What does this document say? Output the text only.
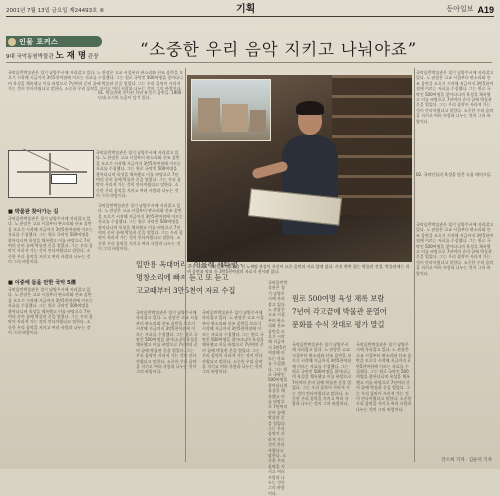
2001년 7월 13일 금요일 제24493호 ⑥	기획	동아일보 A19
인물 포커스
9대 국악동원박물관 노 재 명 관장	“소중한 우리 음악 지키고 나눠야죠”
국악음반박물관은 경기 남양주시에 자리잡고 있다. 노 관장은 고교 시절부터 판소리와 산조 음반을 모으기 시작해 지금까지 3만5천여점에 이르는 자료를 수집했다. 그는 원로 국악인 500여명을 찾아다니며 육성을 채록했고 이를 바탕으로 7년여의 준비 끝에 박물관 문을 열었다. 그는 우리 음악이 사라져 가는 것이 안타까웠다고 말한다. 소중한 우리 음악을 지키고 여러 사람과 나누는 것이 그의 바람이다.
국악음반박물관은 경기 남양주시에 자리잡고 있다. 노 관장은 고교 시절부터 판소리와 산조 음반을 모으기 시작해 지금까지 3만5천여점에 이르는 자료를 수집했다. 그는 원로 국악인 500여명을 찾아다니며 육성을 채록했고 이를 바탕으로 7년여의 준비 끝에 박물관 문을 열었다. 그는 우리 음악이 사라져 가는 것이 안타까웠다고 말한다. 소중한 우리 음악을 지키고 여러 사람과 나누는 것이 그의 바람이다.
■ 박물관 찾아가는 길
국악음반박물관은 경기 남양주시에 자리잡고 있다. 노 관장은 고교 시절부터 판소리와 산조 음반을 모으기 시작해 지금까지 3만5천여점에 이르는 자료를 수집했다. 그는 원로 국악인 500여명을 찾아다니며 육성을 채록했고 이를 바탕으로 7년여의 준비 끝에 박물관 문을 열었다. 그는 우리 음악이 사라져 가는 것이 안타까웠다고 말한다. 소중한 우리 음악을 지키고 여러 사람과 나누는 것이 그의 바람이다.
■ 이중에 들을 만한 국악 5選
국악음반박물관은 경기 남양주시에 자리잡고 있다. 노 관장은 고교 시절부터 판소리와 산조 음반을 모으기 시작해 지금까지 3만5천여점에 이르는 자료를 수집했다. 그는 원로 국악인 500여명을 찾아다니며 육성을 채록했고 이를 바탕으로 7년여의 준비 끝에 박물관 문을 열었다. 그는 우리 음악이 사라져 가는 것이 안타까웠다고 말한다. 소중한 우리 음악을 지키고 여러 사람과 나누는 것이 그의 바람이다.
01. 박물관에 전시된 희귀 유성기 음반들. 1900년대 초기의 녹음이 담겨 있다.
국악음반박물관은 경기 남양주시에 자리잡고 있다. 노 관장은 고교 시절부터 판소리와 산조 음반을 모으기 시작해 지금까지 3만5천여점에 이르는 자료를 수집했다. 그는 원로 국악인 500여명을 찾아다니며 육성을 채록했고 이를 바탕으로 7년여의 준비 끝에 박물관 문을 열었다. 그는 우리 음악이 사라져 가는 것이 안타까웠다고 말한다. 소중한 우리 음악을 지키고 여러 사람과 나누는 것이 그의 바람이다.
국내 최초의 국악음반박물관을 연 노재명 관장이 자신이 모은 음반과 자료 앞에 섰다. 사진 왼쪽 위는 박물관 전경. 박물관에는 희귀 음반과 악보 등 3만5천여점의 자료가 전시돼 있다.
국악음반박물관은 경기 남양주시에 자리잡고 있다. 노 관장은 고교 시절부터 판소리와 산조 음반을 모으기 시작해 지금까지 3만5천여점에 이르는 자료를 수집했다. 그는 원로 국악인 500여명을 찾아다니며 육성을 채록했고 이를 바탕으로 7년여의 준비 끝에 박물관 문을 열었다. 그는 우리 음악이 사라져 가는 것이 안타까웠다고 말한다. 소중한 우리 음악을 지키고 여러 사람과 나누는 것이 그의 바람이다.
02. 국악인들의 육성을 담은 녹음 테이프들.
국악음반박물관은 경기 남양주시에 자리잡고 있다. 노 관장은 고교 시절부터 판소리와 산조 음반을 모으기 시작해 지금까지 3만5천여점에 이르는 자료를 수집했다. 그는 원로 국악인 500여명을 찾아다니며 육성을 채록했고 이를 바탕으로 7년여의 준비 끝에 박물관 문을 열었다. 그는 우리 음악이 사라져 가는 것이 안타까웠다고 말한다. 소중한 우리 음악을 지키고 여러 사람과 나누는 것이 그의 바람이다.
일반용 옥대머리 · 이몽례 새타령 ·
명창소리에 빠져 듣고 또 듣고
고교때부터 3만5천여 자료 수집
원로 500여명 육성 채록 보람
7년여 각고끝에 박물관 문열어
문화를 수식 잣대로 평가 말길
국악음반박물관은 경기 남양주시에 자리잡고 있다. 노 관장은 고교 시절부터 판소리와 산조 음반을 모으기 시작해 지금까지 3만5천여점에 이르는 자료를 수집했다. 그는 원로 국악인 500여명을 찾아다니며 육성을 채록했고 이를 바탕으로 7년여의 준비 끝에 박물관 문을 열었다. 그는 우리 음악이 사라져 가는 것이 안타까웠다고 말한다. 소중한 우리 음악을 지키고 여러 사람과 나누는 것이 그의 바람이다.
국악음반박물관은 경기 남양주시에 자리잡고 있다. 노 관장은 고교 시절부터 판소리와 산조 음반을 모으기 시작해 지금까지 3만5천여점에 이르는 자료를 수집했다. 그는 원로 국악인 500여명을 찾아다니며 육성을 채록했고 이를 바탕으로 7년여의 준비 끝에 박물관 문을 열었다. 그는 우리 음악이 사라져 가는 것이 안타까웠다고 말한다. 소중한 우리 음악을 지키고 여러 사람과 나누는 것이 그의 바람이다.
국악음반박물관은 경기 남양주시에 자리잡고 있다. 노 관장은 고교 시절부터 판소리와 산조 음반을 모으기 시작해 지금까지 3만5천여점에 이르는 자료를 수집했다. 그는 원로 국악인 500여명을 찾아다니며 육성을 채록했고 이를 바탕으로 7년여의 준비 끝에 박물관 문을 열었다. 그는 우리 음악이 사라져 가는 것이 안타까웠다고 말한다. 소중한 우리 음악을 지키고 여러 사람과 나누는 것이 그의 바람이다.
국악음반박물관은 경기 남양주시에 자리잡고 있다. 노 관장은 고교 시절부터 판소리와 산조 음반을 모으기 시작해 지금까지 3만5천여점에 이르는 자료를 수집했다. 그는 원로 국악인 500여명을 찾아다니며 육성을 채록했고 이를 바탕으로 7년여의 준비 끝에 박물관 문을 열었다. 그는 우리 음악이 사라져 가는 것이 안타까웠다고 말한다. 소중한 우리 음악을 지키고 여러 사람과 나누는 것이 그의 바람이다.
국악음반박물관은 경기 남양주시에 자리잡고 있다. 노 관장은 고교 시절부터 판소리와 산조 음반을 모으기 시작해 지금까지 3만5천여점에 이르는 자료를 수집했다. 그는 원로 국악인 500여명을 찾아다니며 육성을 채록했고 이를 바탕으로 7년여의 준비 끝에 박물관 문을 열었다. 그는 우리 음악이 사라져 가는 것이 안타까웠다고 말한다. 소중한 우리 음악을 지키고 여러 사람과 나누는 것이 그의 바람이다.
안소희 기자 · 김순덕 기자
